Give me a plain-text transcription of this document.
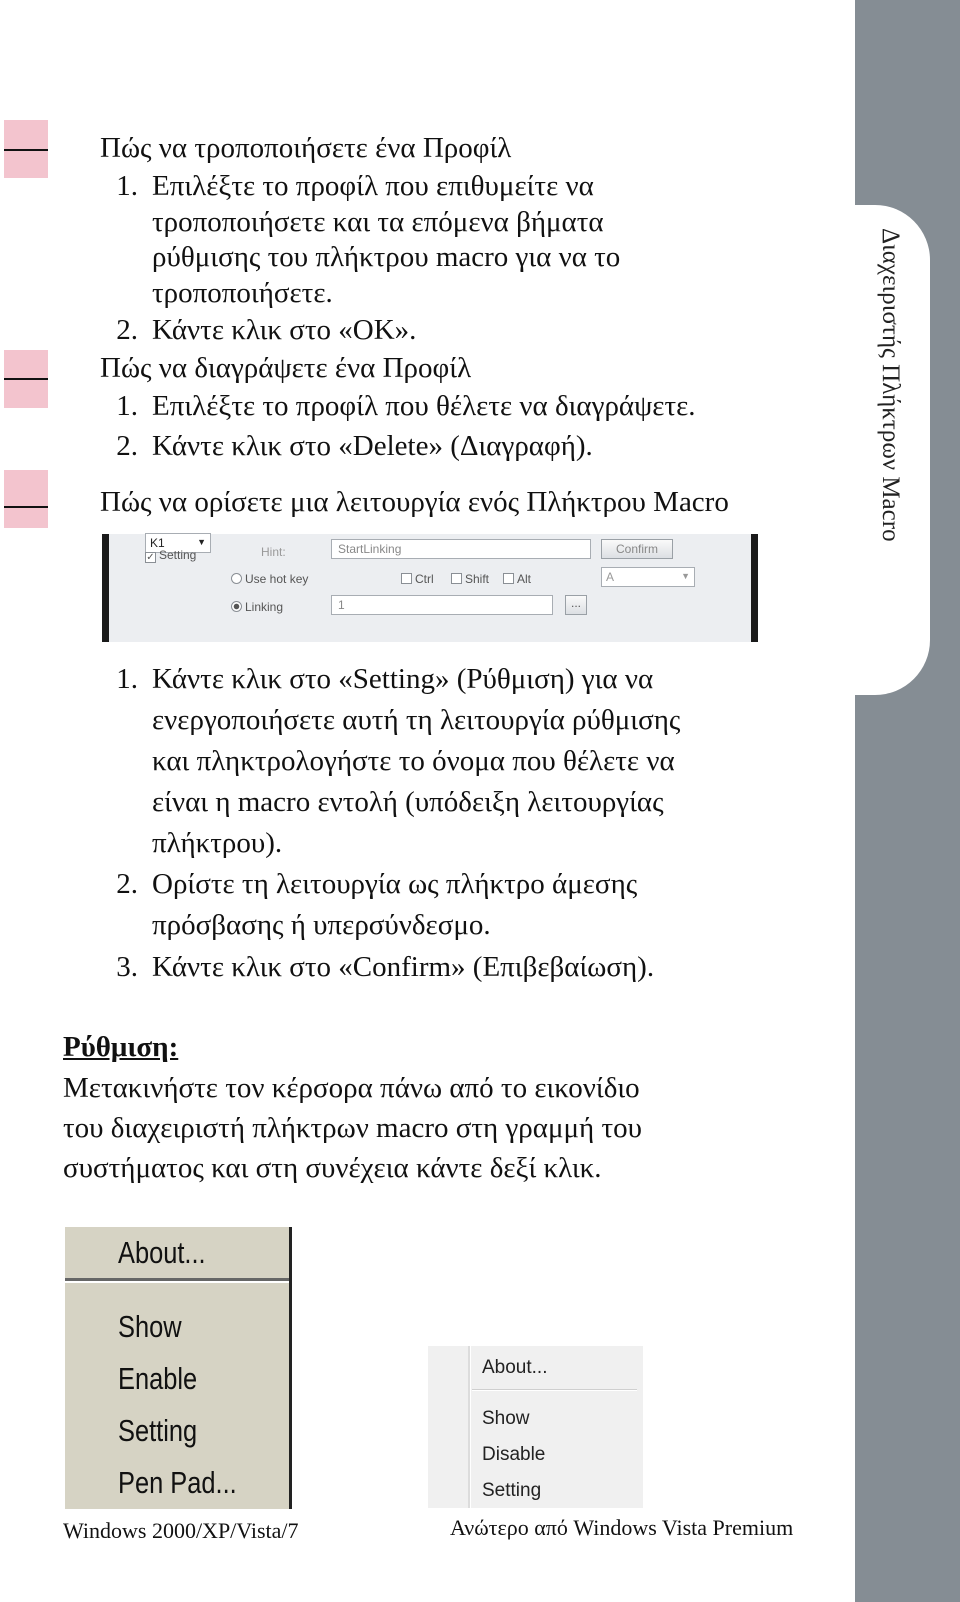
Διαχειριστής Πλήκτρων Macro
Πώς να τροποποιήσετε ένα Προφίλ
1. Επιλέξτε το προφίλ που επιθυμείτε να
τροποποιήσετε και τα επόμενα βήματα
ρύθμισης του πλήκτρου macro για να το
τροποποιήσετε.
2. Κάντε κλικ στο «ΟΚ».
Πώς να διαγράψετε ένα Προφίλ
1. Επιλέξτε το προφίλ που θέλετε να διαγράψετε.
2. Κάντε κλικ στο «Delete» (Διαγραφή).
Πώς να ορίσετε μια λειτουργία ενός Πλήκτρου Macro
K1	▼
✓ Setting	Hint:	StartLinking	Confirm
Use hot key	Ctrl	Shift	Alt	A	▼
Linking	1	...
1. Κάντε κλικ στο «Setting» (Ρύθμιση) για να
ενεργοποιήσετε αυτή τη λειτουργία ρύθμισης
και πληκτρολογήστε το όνομα που θέλετε να
είναι η macro εντολή (υπόδειξη λειτουργίας
πλήκτρου).
2. Ορίστε τη λειτουργία ως πλήκτρο άμεσης
πρόσβασης ή υπερσύνδεσμο.
3. Κάντε κλικ στο «Confirm» (Επιβεβαίωση).
Ρύθμιση:
Μετακινήστε τον κέρσορα πάνω από το εικονίδιο
του διαχειριστή πλήκτρων macro στη γραμμή του
συστήματος και στη συνέχεια κάντε δεξί κλικ.
About...
Show
Enable
Setting
Pen Pad...
Windows 2000/XP/Vista/7
About...
Show
Disable
Setting
Ανώτερο από Windows Vista Premium
